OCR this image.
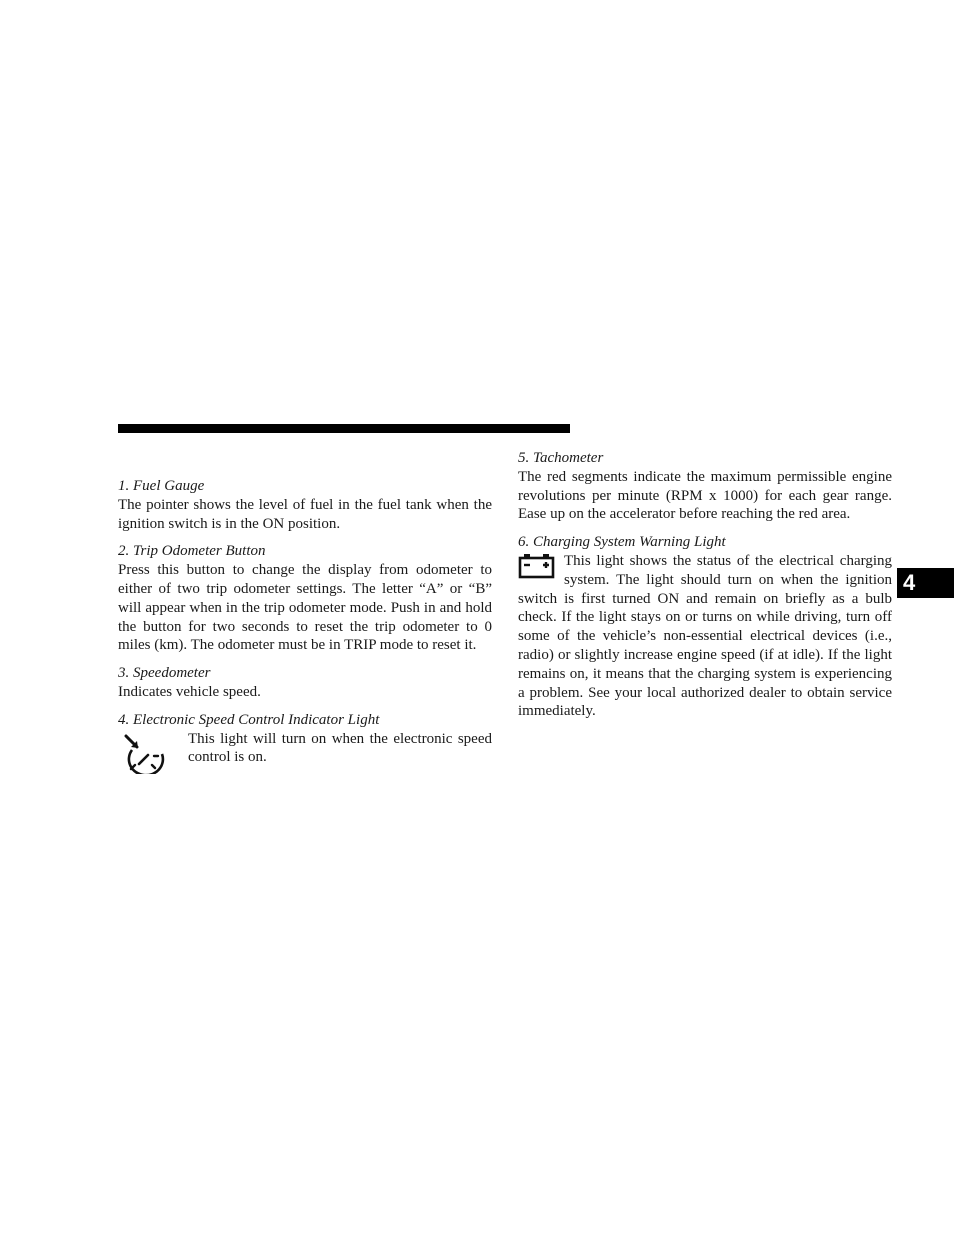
1. Fuel Gauge

The pointer shows the level of fuel in the fuel tank when the ignition switch is in the ON position.

2. Trip Odometer Button

Press this button to change the display from odometer to either of two trip odometer settings. The letter “A” or “B” will appear when in the trip odometer mode. Push in and hold the button for two seconds to reset the trip odometer to 0 miles (km). The odometer must be in TRIP mode to reset it.

3. Speedometer

Indicates vehicle speed.

4. Electronic Speed Control Indicator Light

This light will turn on when the electronic speed control is on.

5. Tachometer

The red segments indicate the maximum permissible engine revolutions per minute (RPM x 1000) for each gear range. Ease up on the accelerator before reaching the red area.

6. Charging System Warning Light

This light shows the status of the electrical charging system. The light should turn on when the ignition switch is first turned ON and remain on briefly as a bulb check. If the light stays on or turns on while driving, turn off some of the vehicle’s non-essential electrical devices (i.e., radio) or slightly increase engine speed (if at idle). If the light remains on, it means that the charging system is experiencing a problem. See your local authorized dealer to obtain service immediately.

4
